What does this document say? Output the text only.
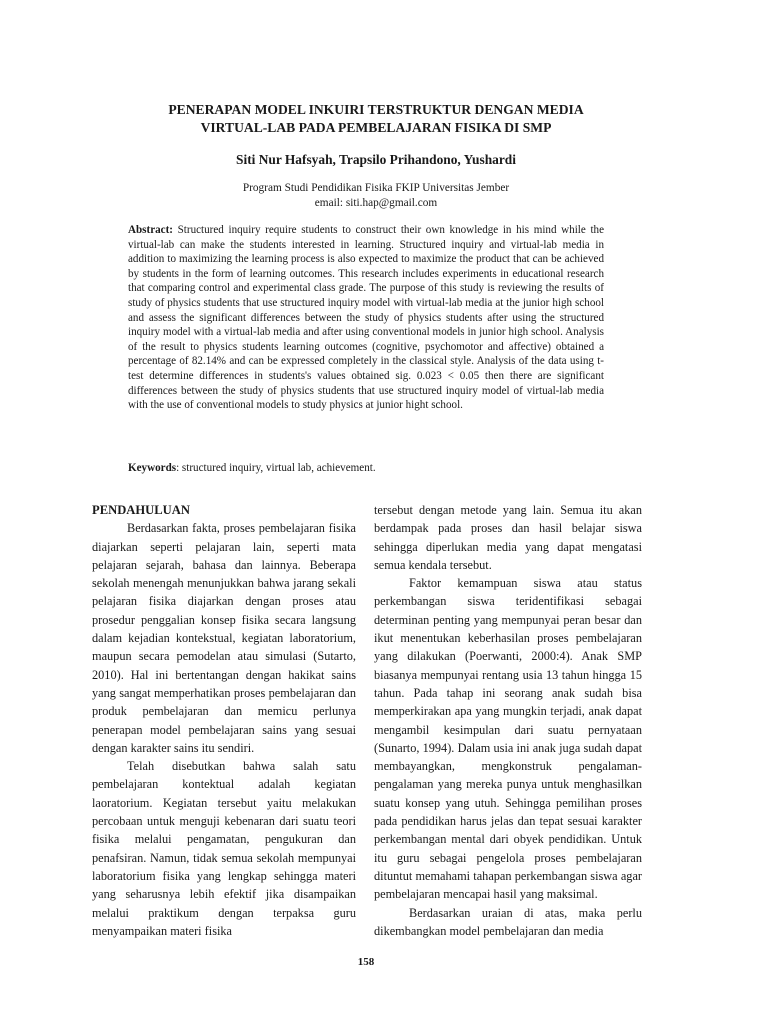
PENERAPAN MODEL INKUIRI TERSTRUKTUR DENGAN MEDIA
VIRTUAL-LAB PADA PEMBELAJARAN FISIKA DI SMP

Siti Nur Hafsyah, Trapsilo Prihandono, Yushardi

Program Studi Pendidikan Fisika FKIP Universitas Jember
email: siti.hap@gmail.com

Abstract: Structured inquiry require students to construct their own knowledge in his mind while the virtual-lab can make the students interested in learning. Structured inquiry and virtual-lab media in addition to maximizing the learning process is also expected to maximize the product that can be achieved by students in the form of learning outcomes. This research includes experiments in educational research that comparing control and experimental class grade. The purpose of this study is reviewing the results of study of physics students that use structured inquiry model with virtual-lab media at the junior high school and assess the significant differences between the study of physics students after using the structured inquiry model with a virtual-lab media and after using conventional models in junior high school. Analysis of the result to physics students learning outcomes (cognitive, psychomotor and affective) obtained a percentage of 82.14% and can be expressed completely in the classical style. Analysis of the data using t-test determine differences in students's values obtained sig. 0.023 < 0.05 then there are significant differences between the study of physics students that use structured inquiry model of virtual-lab media with the use of conventional models to study physics at junior hight school.

Keywords: structured inquiry, virtual lab, achievement.

PENDAHULUAN

Berdasarkan fakta, proses pembelajaran fisika diajarkan seperti pelajaran lain, seperti mata pelajaran sejarah, bahasa dan lainnya. Beberapa sekolah menengah menunjukkan bahwa jarang sekali pelajaran fisika diajarkan dengan proses atau prosedur penggalian konsep fisika secara langsung dalam kejadian kontekstual, kegiatan laboratorium, maupun secara pemodelan atau simulasi (Sutarto, 2010). Hal ini bertentangan dengan hakikat sains yang sangat memperhatikan proses pembelajaran dan produk pembelajaran dan memicu perlunya penerapan model pembelajaran sains yang sesuai dengan karakter sains itu sendiri.

Telah disebutkan bahwa salah satu pembelajaran kontektual adalah kegiatan laoratorium. Kegiatan tersebut yaitu melakukan percobaan untuk menguji kebenaran dari suatu teori fisika melalui pengamatan, pengukuran dan penafsiran. Namun, tidak semua sekolah mempunyai laboratorium fisika yang lengkap sehingga materi yang seharusnya lebih efektif jika disampaikan melalui praktikum dengan terpaksa guru menyampaikan materi fisika

tersebut dengan metode yang lain. Semua itu akan berdampak pada proses dan hasil belajar siswa sehingga diperlukan media yang dapat mengatasi semua kendala tersebut.

Faktor kemampuan siswa atau status perkembangan siswa teridentifikasi sebagai determinan penting yang mempunyai peran besar dan ikut menentukan keberhasilan proses pembelajaran yang dilakukan (Poerwanti, 2000:4). Anak SMP biasanya mempunyai rentang usia 13 tahun hingga 15 tahun. Pada tahap ini seorang anak sudah bisa memperkirakan apa yang mungkin terjadi, anak dapat mengambil kesimpulan dari suatu pernyataan (Sunarto, 1994). Dalam usia ini anak juga sudah dapat membayangkan, mengkonstruk pengalaman-pengalaman yang mereka punya untuk menghasilkan suatu konsep yang utuh. Sehingga pemilihan proses pada pendidikan harus jelas dan tepat sesuai karakter perkembangan mental dari obyek pendidikan. Untuk itu guru sebagai pengelola proses pembelajaran dituntut memahami tahapan perkembangan siswa agar pembelajaran mencapai hasil yang maksimal.

Berdasarkan uraian di atas, maka perlu dikembangkan model pembelajaran dan media

158
